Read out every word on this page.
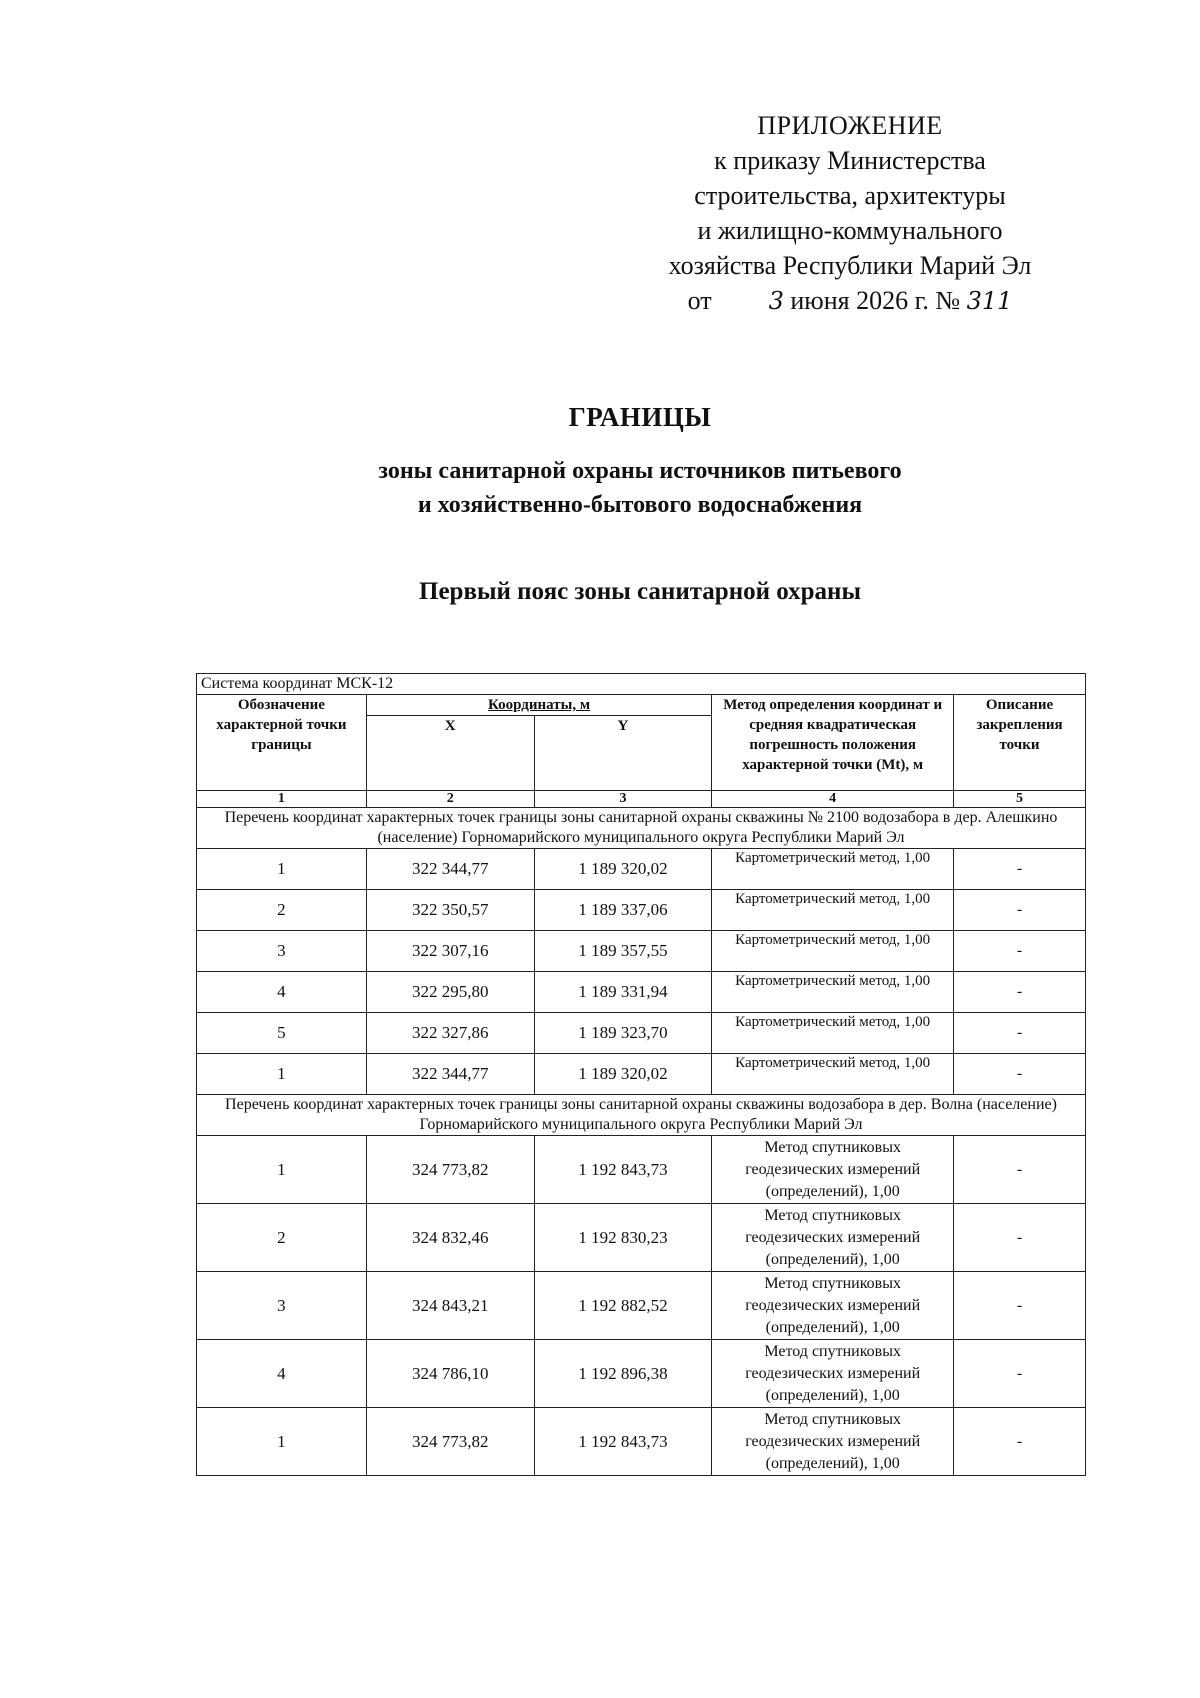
ПРИЛОЖЕНИЕ
к приказу Министерства
строительства, архитектуры
и жилищно-коммунального
хозяйства Республики Марий Эл
от 3 июня 2026 г. № 311
ГРАНИЦЫ
зоны санитарной охраны источников питьевого
и хозяйственно-бытового водоснабжения
Первый пояс зоны санитарной охраны
Система координат МСК-12				
Обозначение характерной точки границы	Координаты, м		Метод определения координат и средняя квадратическая погрешность положения характерной точки (Mt), м	Описание закрепления точки
	X	Y		
1	2	3	4	5
Перечень координат характерных точек границы зоны санитарной охраны скважины № 2100 водозабора в дер. Алешкино (население) Горномарийского муниципального округа Республики Марий Эл				
1	322 344,77	1 189 320,02	Картометрический метод, 1,00	-
2	322 350,57	1 189 337,06	Картометрический метод, 1,00	-
3	322 307,16	1 189 357,55	Картометрический метод, 1,00	-
4	322 295,80	1 189 331,94	Картометрический метод, 1,00	-
5	322 327,86	1 189 323,70	Картометрический метод, 1,00	-
1	322 344,77	1 189 320,02	Картометрический метод, 1,00	-
Перечень координат характерных точек границы зоны санитарной охраны скважины водозабора в дер. Волна (население) Горномарийского муниципального округа Республики Марий Эл				
1	324 773,82	1 192 843,73	Метод спутниковых геодезических измерений (определений), 1,00	-
2	324 832,46	1 192 830,23	Метод спутниковых геодезических измерений (определений), 1,00	-
3	324 843,21	1 192 882,52	Метод спутниковых геодезических измерений (определений), 1,00	-
4	324 786,10	1 192 896,38	Метод спутниковых геодезических измерений (определений), 1,00	-
1	324 773,82	1 192 843,73	Метод спутниковых геодезических измерений (определений), 1,00	-
